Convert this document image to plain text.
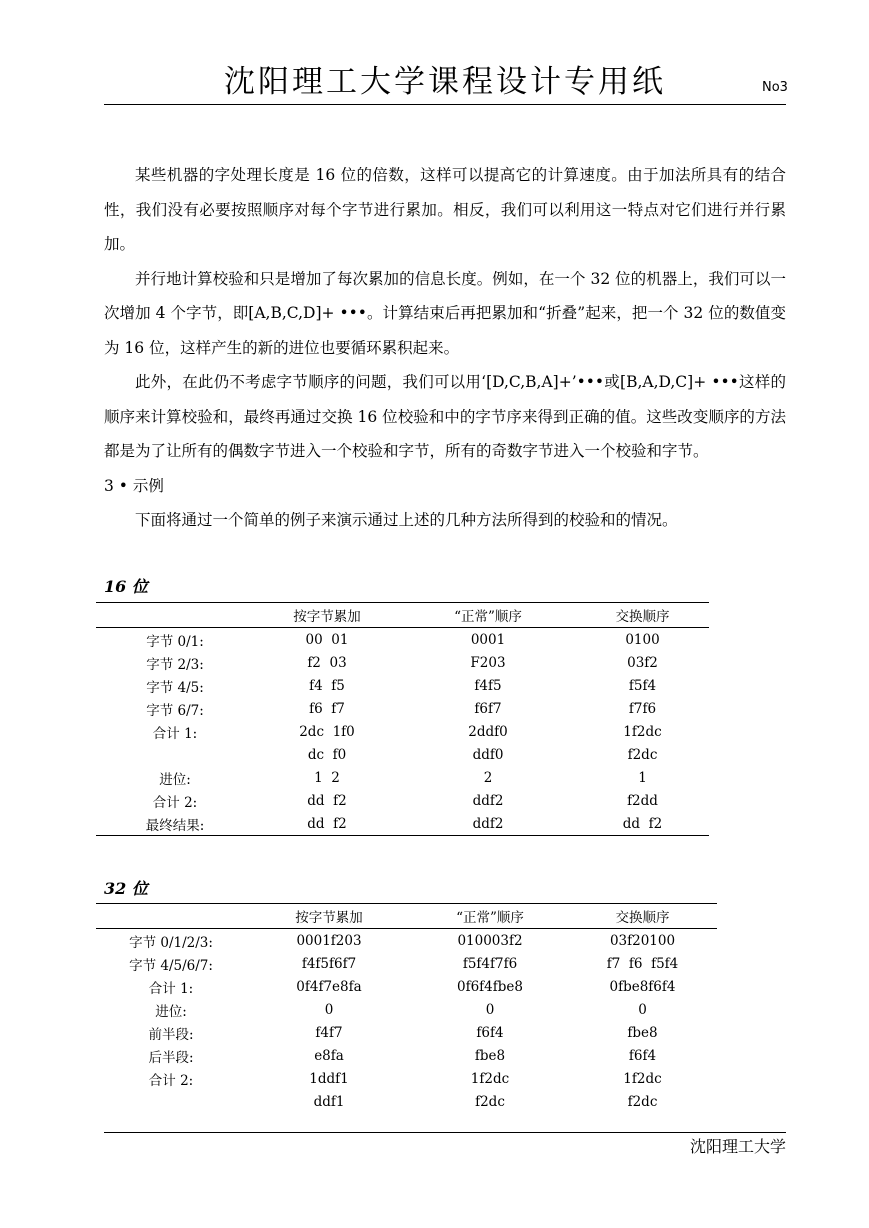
沈阳理工大学课程设计专用纸	No3

某些机器的字处理长度是 16 位的倍数，这样可以提高它的计算速度。由于加法所具有的结合性，我们没有必要按照顺序对每个字节进行累加。相反，我们可以利用这一特点对它们进行并行累加。

并行地计算校验和只是增加了每次累加的信息长度。例如，在一个 32 位的机器上，我们可以一次增加 4 个字节，即[A,B,C,D]+ •••。计算结束后再把累加和“折叠”起来，把一个 32 位的数值变为 16 位，这样产生的新的进位也要循环累积起来。

此外，在此仍不考虑字节顺序的问题，我们可以用‘[D,C,B,A]+’•••或[B,A,D,C]+ •••这样的顺序来计算校验和，最终再通过交换 16 位校验和中的字节序来得到正确的值。这些改变顺序的方法都是为了让所有的偶数字节进入一个校验和字节，所有的奇数字节进入一个校验和字节。

3 • 示例

下面将通过一个简单的例子来演示通过上述的几种方法所得到的校验和的情况。

16 位
	按字节累加	“正常”顺序	交换顺序
字节 0/1:	00  01	0001	0100
字节 2/3:	f2  03	F203	03f2
字节 4/5:	f4  f5	f4f5	f5f4
字节 6/7:	f6  f7	f6f7	f7f6
合计 1:	2dc  1f0	2ddf0	1f2dc
	dc  f0	ddf0	f2dc
进位:	1  2	2	1
合计 2:	dd  f2	ddf2	f2dd
最终结果:	dd  f2	ddf2	dd  f2
32 位
	按字节累加	“正常”顺序	交换顺序
字节 0/1/2/3:	0001f203	010003f2	03f20100
字节 4/5/6/7:	f4f5f6f7	f5f4f7f6	f7  f6  f5f4
合计 1:	0f4f7e8fa	0f6f4fbe8	0fbe8f6f4
进位:	0	0	0
前半段:	f4f7	f6f4	fbe8
后半段:	e8fa	fbe8	f6f4
合计 2:	1ddf1	1f2dc	1f2dc
	ddf1	f2dc	f2dc
沈阳理工大学
